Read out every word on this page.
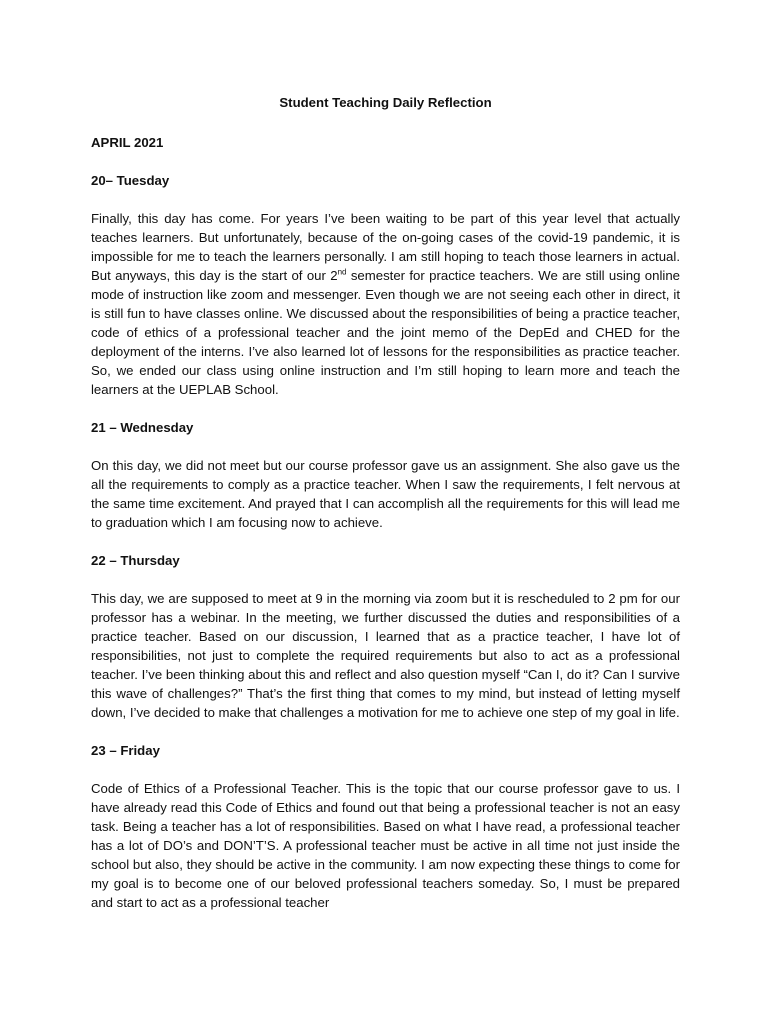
Student Teaching Daily Reflection
APRIL 2021
20– Tuesday
Finally, this day has come. For years I’ve been waiting to be part of this year level that actually teaches learners. But unfortunately, because of the on-going cases of the covid-19 pandemic, it is impossible for me to teach the learners personally. I am still hoping to teach those learners in actual. But anyways, this day is the start of our 2nd semester for practice teachers. We are still using online mode of instruction like zoom and messenger. Even though we are not seeing each other in direct, it is still fun to have classes online. We discussed about the responsibilities of being a practice teacher, code of ethics of a professional teacher and the joint memo of the DepEd and CHED for the deployment of the interns. I’ve also learned lot of lessons for the responsibilities as practice teacher. So, we ended our class using online instruction and I’m still hoping to learn more and teach the learners at the UEPLAB School.
21 – Wednesday
On this day, we did not meet but our course professor gave us an assignment. She also gave us the all the requirements to comply as a practice teacher. When I saw the requirements, I felt nervous at the same time excitement. And prayed that I can accomplish all the requirements for this will lead me to graduation which I am focusing now to achieve.
22 – Thursday
This day, we are supposed to meet at 9 in the morning via zoom but it is rescheduled to 2 pm for our professor has a webinar. In the meeting, we further discussed the duties and responsibilities of a practice teacher. Based on our discussion, I learned that as a practice teacher, I have lot of responsibilities, not just to complete the required requirements but also to act as a professional teacher. I’ve been thinking about this and reflect and also question myself “Can I, do it? Can I survive this wave of challenges?” That’s the first thing that comes to my mind, but instead of letting myself down, I’ve decided to make that challenges a motivation for me to achieve one step of my goal in life.
23 – Friday
Code of Ethics of a Professional Teacher. This is the topic that our course professor gave to us. I have already read this Code of Ethics and found out that being a professional teacher is not an easy task. Being a teacher has a lot of responsibilities. Based on what I have read, a professional teacher has a lot of DO’s and DON’T’S. A professional teacher must be active in all time not just inside the school but also, they should be active in the community. I am now expecting these things to come for my goal is to become one of our beloved professional teachers someday. So, I must be prepared and start to act as a professional teacher
